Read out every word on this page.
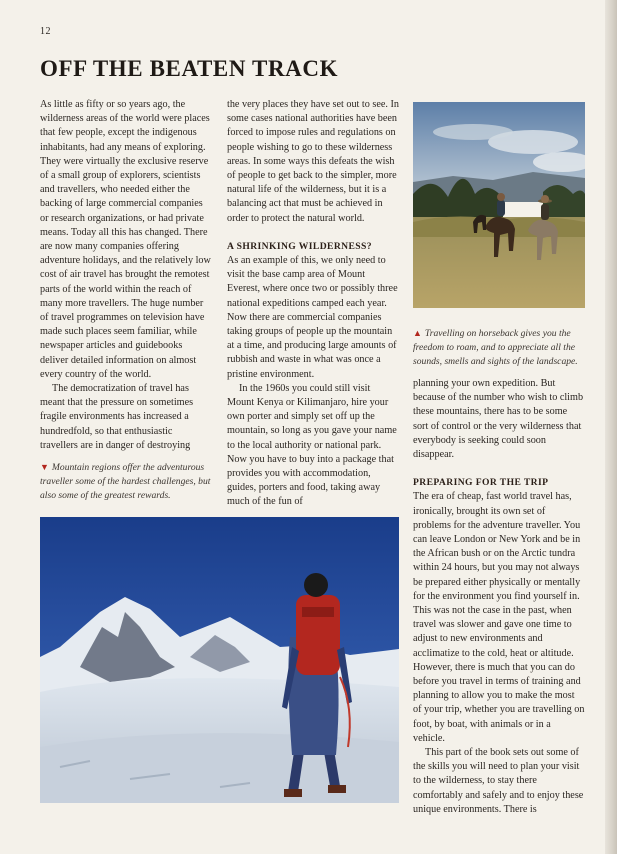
12
OFF THE BEATEN TRACK

As little as fifty or so years ago, the wilderness areas of the world were places that few people, except the indigenous inhabitants, had any means of exploring. They were virtually the exclusive reserve of a small group of explorers, scientists and travellers, who needed either the backing of large commercial companies or research organizations, or had private means. Today all this has changed. There are now many companies offering adventure holidays, and the relatively low cost of air travel has brought the remotest parts of the world within the reach of many more travellers. The huge number of travel programmes on television have made such places seem familiar, while newspaper articles and guidebooks deliver detailed information on almost every country of the world.

The democratization of travel has meant that the pressure on sometimes fragile environments has increased a hundredfold, so that enthusiastic travellers are in danger of destroying

▼ Mountain regions offer the adventurous traveller some of the hardest challenges, but also some of the greatest rewards.

the very places they have set out to see. In some cases national authorities have been forced to impose rules and regulations on people wishing to go to these wilderness areas. In some ways this defeats the wish of people to get back to the simpler, more natural life of the wilderness, but it is a balancing act that must be achieved in order to protect the natural world.

A SHRINKING WILDERNESS?

As an example of this, we only need to visit the base camp area of Mount Everest, where once two or possibly three national expeditions camped each year. Now there are commercial companies taking groups of people up the mountain at a time, and producing large amounts of rubbish and waste in what was once a pristine environment.

In the 1960s you could still visit Mount Kenya or Kilimanjaro, hire your own porter and simply set off up the mountain, so long as you gave your name to the local authority or national park. Now you have to buy into a package that provides you with accommodation, guides, porters and food, taking away much of the fun of

▲ Travelling on horseback gives you the freedom to roam, and to appreciate all the sounds, smells and sights of the landscape.

planning your own expedition. But because of the number who wish to climb these mountains, there has to be some sort of control or the very wilderness that everybody is seeking could soon disappear.

PREPARING FOR THE TRIP

The era of cheap, fast world travel has, ironically, brought its own set of problems for the adventure traveller. You can leave London or New York and be in the African bush or on the Arctic tundra within 24 hours, but you may not always be prepared either physically or mentally for the environment you find yourself in. This was not the case in the past, when travel was slower and gave one time to adjust to new environments and acclimatize to the cold, heat or altitude. However, there is much that you can do before you travel in terms of training and planning to allow you to make the most of your trip, whether you are travelling on foot, by boat, with animals or in a vehicle.

This part of the book sets out some of the skills you will need to plan your visit to the wilderness, to stay there comfortably and safely and to enjoy these unique environments. There is
